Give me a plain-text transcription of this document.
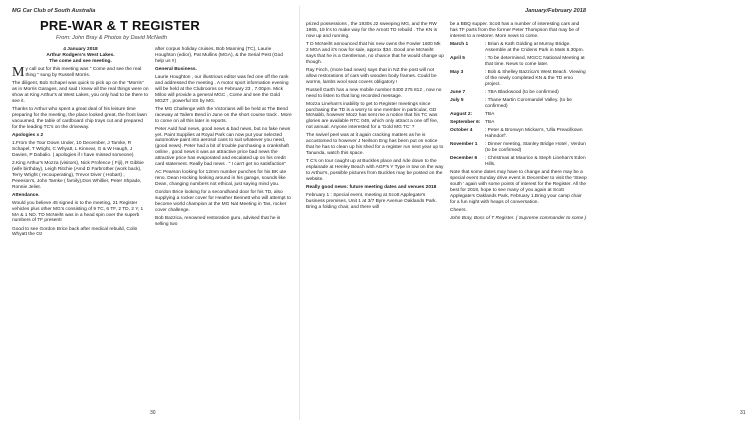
MG Car Club of South Australia
PRE-WAR & T REGISTER
From: John Bray & Photos by David McNeith

4 January 2018

Arthur Rodgers's West Lakes.

The come and see meeting.

My call out for this meeting was " Come and see the real thing " sung by Russell Morris.

The diligent, Bob Schapel was quick to pick up on the "Morris" as in Morris Garages, and said I knew all the real things were on show at King Arthur's at West Lakes, you only had to be there to see it.

Thanks to Arthur who spent a great deal of his leisure time preparing for the meeting, the place looked great, the front lawn vacuumed, the table of cardboard chip trays cut and prepared for the leading TC's on the driveway.

Apologies x 2

1.From the Tour Down Under, 10 December, J Tamke, R Schapel, T Wright, C Whyatt, L Kinnear, G & W Haugh, J Davies, P Dabalio. ( apologies if I have missed someone)

2.King Arthur's Mozza (visitors), Nick Profence ( Fiji), R Gibbie (wife birthday), Leigh Ritchie (Amd D Farbrother (work back), Terry Wright ( recouperating), Trevor Diver ( Hobart) , Peeeson's, John Tamke ( family),Don Whillier, Peter Shpade, Ronnie Jeliet.

Attendance.

Would you believe 45 signed in to the meeting, 21 Register vehicles plus other MG's consisting of 9 TC, 6 TF, 2 TD, 2 Y, 1 MA & 1 ND. TD McNeiht was in a head spin over the superb numbers of TF present!

Good to see Gordon Brice back after medical rebuild, Colin Whyatt the Oz

after corpus holiday cruises, Bob Manning (TC), Laurie Houghton (edior), Pat Mullins (MGA), & the Serial Pest (God help us !!)

General Business.

Laurie Houghton , our illustrious editor was fed one off the rank and addressed the meeting . A motor sport information evening will be held at the Clubrooms on February 23 , 7.00pm. Mick Miloo will provide a general MGC , Come and see the Gold MGZT , powerful SS by MG.

The MG Challenge with the Victorians will be held at The Bend raceway at Tailem Bend in June on the short course track . More to come on all this later in reports.

Peter Auld had news, good news & bad news, but no fake news yet. Paint Supplies at Royal Park can now put your selected automotive paint into aerosol cans to suit whatever you need, (good news). Peter had a bit of trouble purchasing a crankshaft online , good news it was an attractive price bad news the attractive price has evaporated and escalated up on his credit card statement. Really bad news . " I can't get no satisfaction"

AC Pearson looking for 12mm number punches for his BK ute reno. Dean Hocking looking around in his garage, sounds like Dean, changing numbers not ethical, just saying mind you.

Gordon Brice looking for a secondhand door for his TD, also supplying a rocker cover for Heather Bennett who will attempt to become world champion at the MG Nat Meeting in Tas, rocker cover challenge.

Bob Bazzica, renowned restoration guru, advised that he is selling two

30
January/February 2018

prized possessions , the 1930s J2 sweeping MG, and the RW 1965, 19 k's to make way for the Arnott TD rebuild . The KN is now up and running.

T D McNeiht announced that his new owns the Fowler 1600 Mk 2 MGA and it's now for sale, approx $34 .Good one McNeiht says that he is a Gentleman, no chance that he would change up though.

Ray Finch, (more bad news) says that in NZ the post will not allow restorations of cars with wooden body frames. Could be worms, lambs wool seat covers obligatory !

Russell Garth has a new mobile number 0400 275 812 , now no need to listen to that long recorded message.

Mozza Linehan's inability to get to Register meetings since purchasing the TD is a worry to one member in particular, GD McNabb, however Mozz has sent me a notice that his TC was glories are available RTC 049, which only attract a one off fee, not annual. Anyone interested for a 'Gold MG TC' ?

The swivel peel was at it again cracking matters as he is accustomed to however J Neilson Eng has been put on notice that he has to clean up his shed for a register run next year up to Tanunda, watch this space.

T C's on tour caught up at Buckles place and ride down to the esplanade at Henley Beach with AGP's Y Type in tow on the way to Arthur's, possible pictures from Buckles may be posted on the website.

Really good news: future meeting dates and venues 2018

February 1 : Special event, meeting at Scott Applegate's business premises, Unit 1 at 3/7 Byre Avenue Oaklands Park. Bring a folding chair, and there will

be a BBQ supper. Scott has a number of interesting cars and has TF parts from the former Peter Thompson that may be of interest to a restorer. More news to come.

March 1	: Brian & Kath Golding at Murray Bridge. Assemble at the Cridens Park in Mats 6.30pm.

April 5	: To be determined, MGCC National Meeting at that time. News to come later.

May 3	: Bob & Shelley Bazzica's West Beach. Viewing of the newly completed KN & the TD emo project.

June 7	: TBA Blackwood (to be confirmed)

July 5	: Thane Martin Coromandel Valley. (to be confirmed)

August 2:	TBA

September 6: TBA

October 4	: Peter & Bronwyn Mickan's, 'Ulla Preacilkown Hahndorf'.

November 1	: Dinner meeting, Stanley Bridge Hotel , Verdun (to be confirmed)

December 6	: Christmas at Maurice & Steph Linehan's Eden Hills.

Note that some dates may have to change and there may be a special event Sunday drive event in December to visit the 'Steep south ' again with some points of interest for the Register. All the best for 2018, hope to see many of you again at Scott Applegate's Oaklands Park, February 1.Bring your camp chair for a fun night with heaps of conversation.

Cheers.

John Bray, Boss of T Register. ( Supreme commander to some )

31
